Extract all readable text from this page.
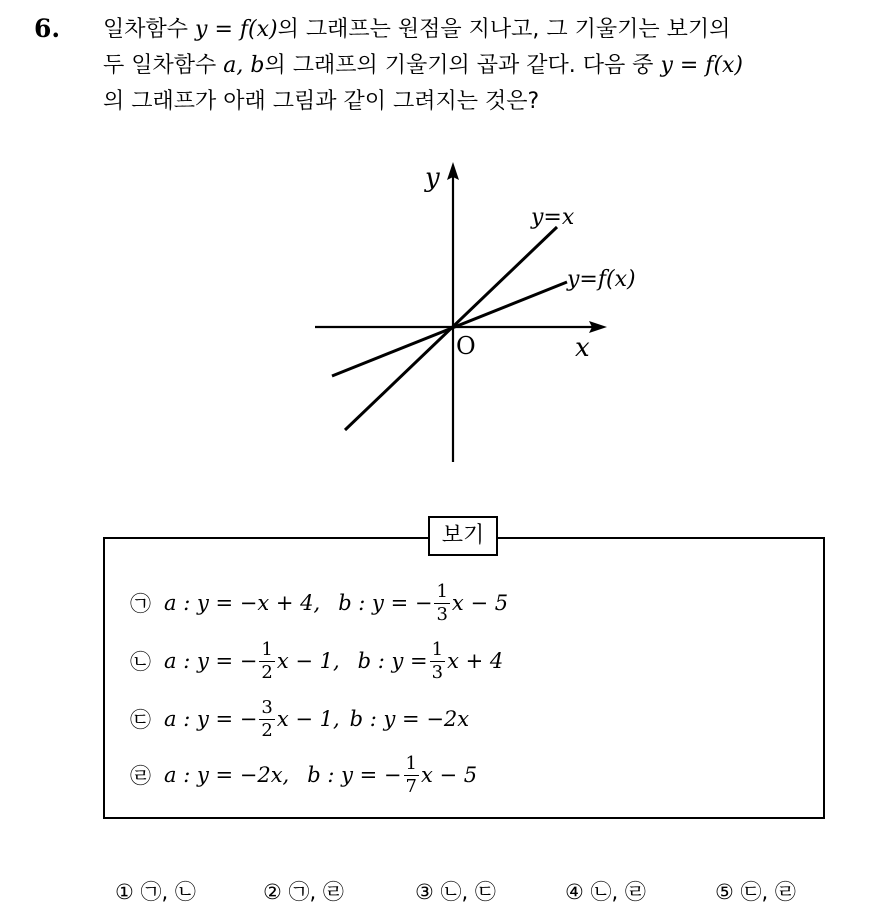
6. 일차함수 y = f(x)의 그래프는 원점을 지나고, 그 기울기는 보기의
두 일차함수 a, b의 그래프의 기울기의 곱과 같다. 다음 중 y = f(x)
의 그래프가 아래 그림과 같이 그려지는 것은?
y
x
O
y=x
y=f(x)
보기
㉠ a : y = −x + 4, b : y = − $\frac{1}{3}$ x − 5
㉡ a : y = − $\frac{1}{2}$ x − 1, b : $y = \frac{1}{3}$ x + 4
㉢ a : y = − $\frac{3}{2}$ x − 1, b : y = −2x
㉣ a : y = −2x, b : y = − $\frac{1}{7}$ x − 5
① ㉠, ㉡	② ㉠, ㉣	③ ㉡, ㉢	④ ㉡, ㉣	⑤ ㉢, ㉣
